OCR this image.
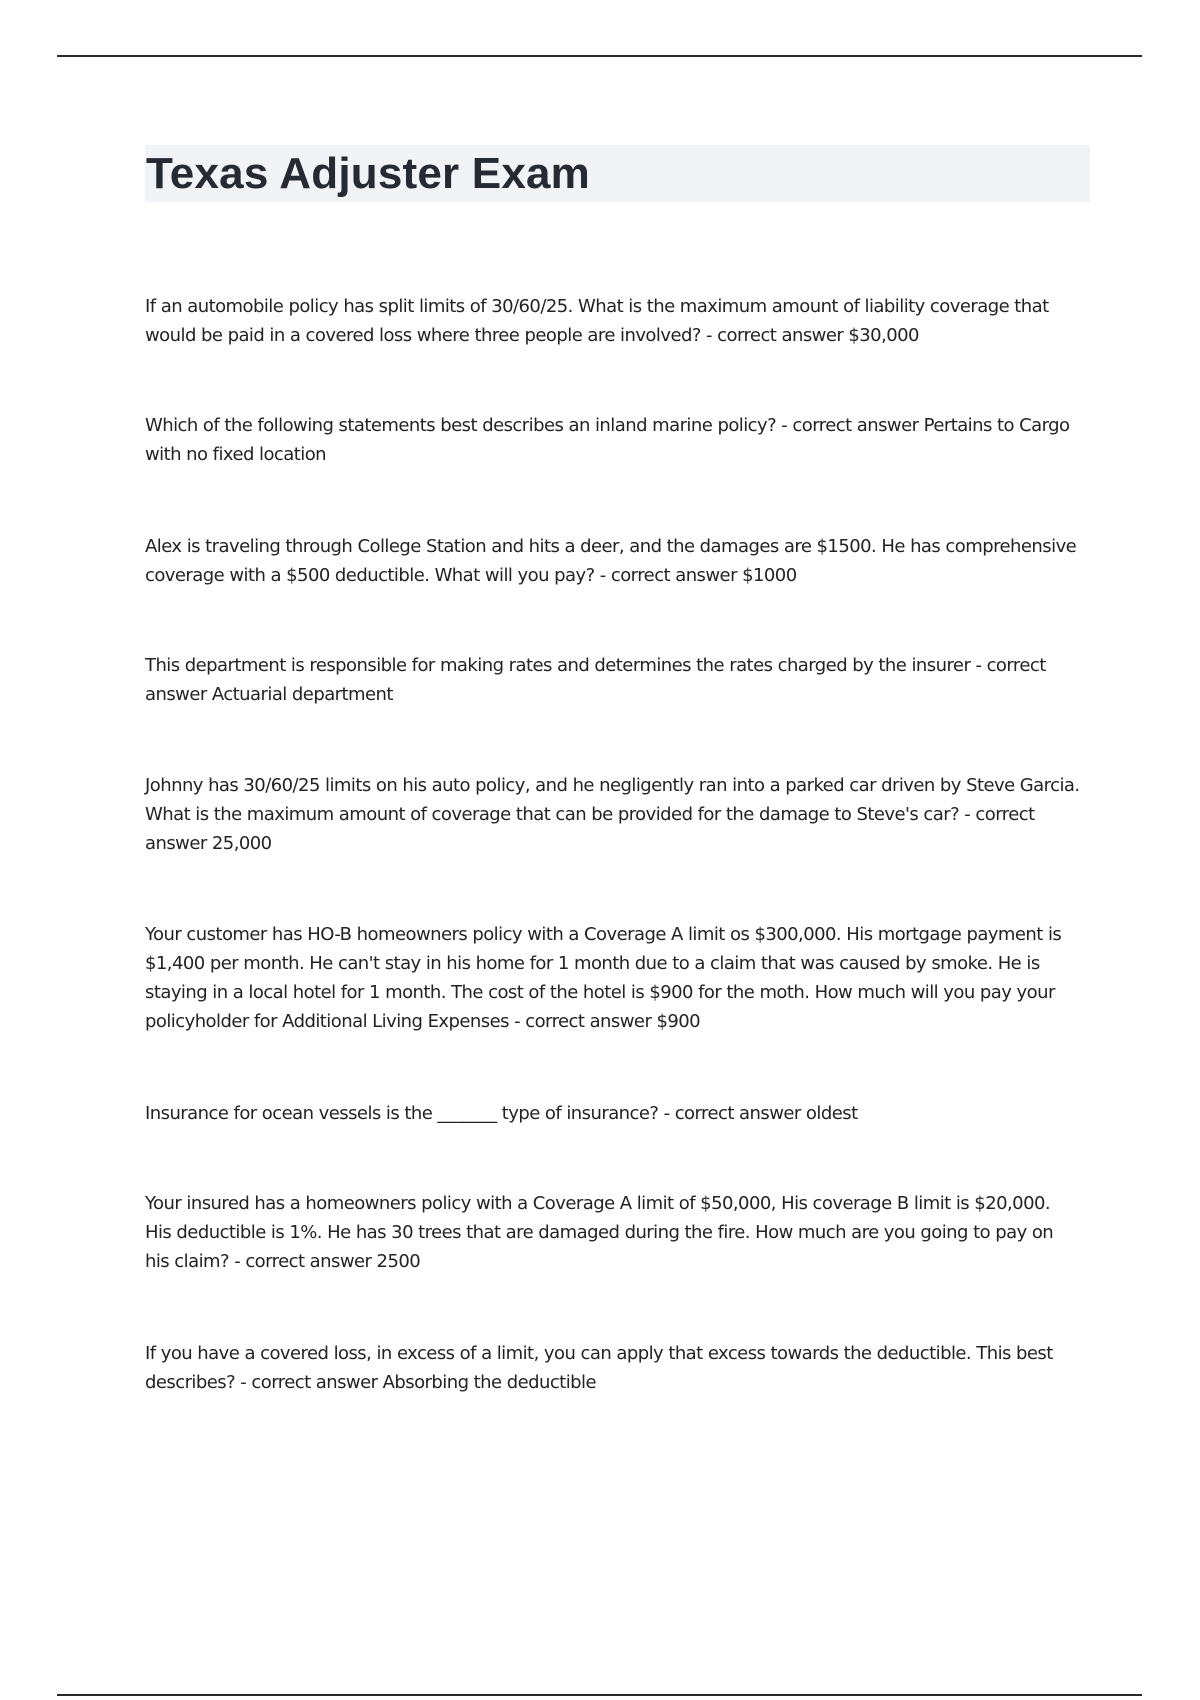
Texas Adjuster Exam

If an automobile policy has split limits of 30/60/25. What is the maximum amount of liability coverage that would be paid in a covered loss where three people are involved? - correct answer $30,000

Which of the following statements best describes an inland marine policy? - correct answer Pertains to Cargo with no fixed location

Alex is traveling through College Station and hits a deer, and the damages are $1500. He has comprehensive coverage with a $500 deductible. What will you pay? - correct answer $1000

This department is responsible for making rates and determines the rates charged by the insurer - correct answer Actuarial department

Johnny has 30/60/25 limits on his auto policy, and he negligently ran into a parked car driven by Steve Garcia. What is the maximum amount of coverage that can be provided for the damage to Steve's car? - correct answer 25,000

Your customer has HO-B homeowners policy with a Coverage A limit os $300,000. His mortgage payment is $1,400 per month. He can't stay in his home for 1 month due to a claim that was caused by smoke. He is staying in a local hotel for 1 month. The cost of the hotel is $900 for the moth. How much will you pay your policyholder for Additional Living Expenses - correct answer $900

Insurance for ocean vessels is the _______ type of insurance? - correct answer oldest

Your insured has a homeowners policy with a Coverage A limit of $50,000, His coverage B limit is $20,000. His deductible is 1%. He has 30 trees that are damaged during the fire. How much are you going to pay on his claim? - correct answer 2500

If you have a covered loss, in excess of a limit, you can apply that excess towards the deductible. This best describes? - correct answer Absorbing the deductible
